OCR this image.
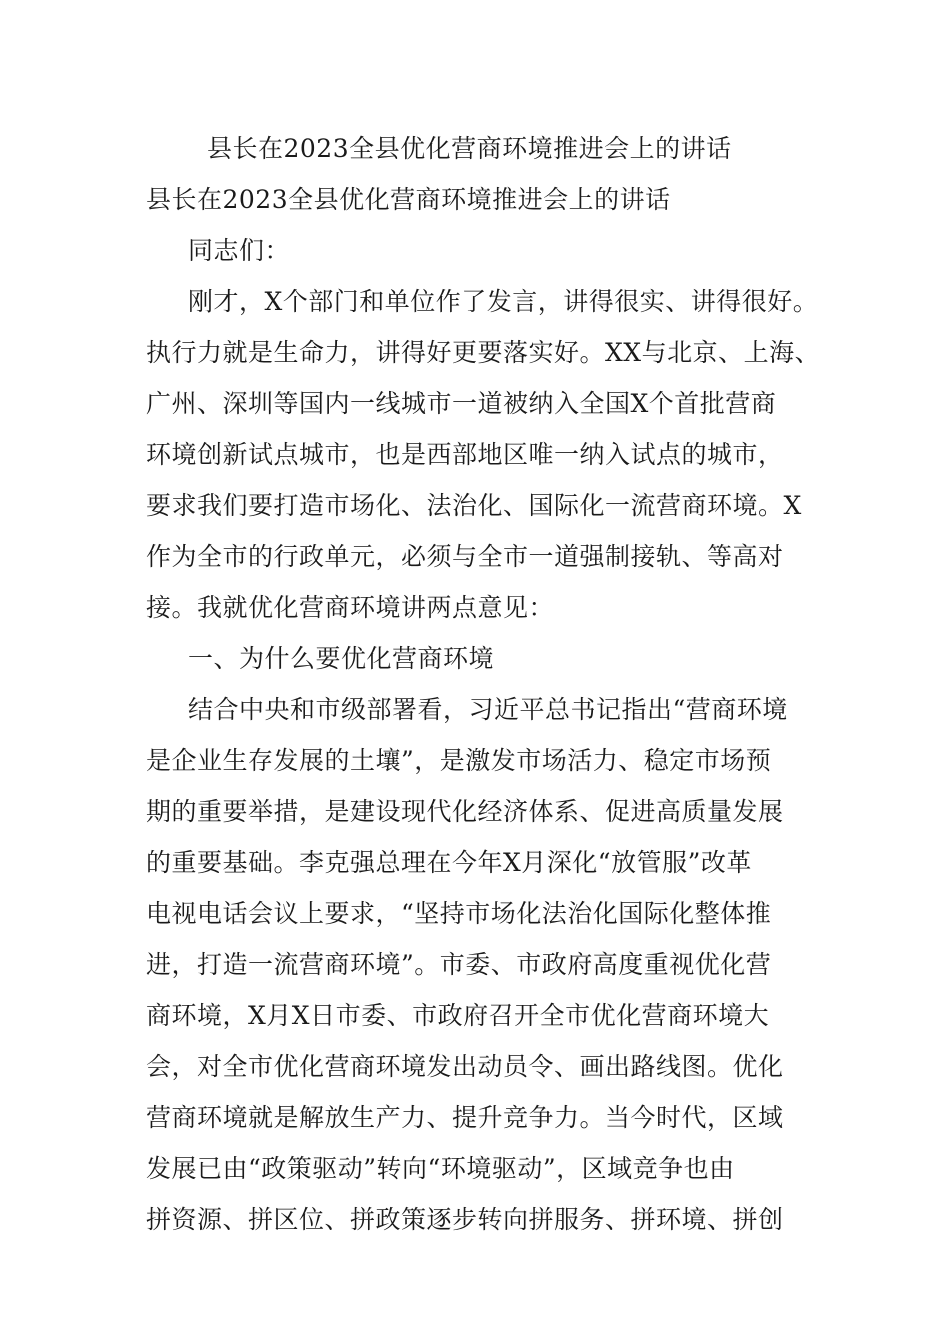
县长在2023全县优化营商环境推进会上的讲话
县长在2023全县优化营商环境推进会上的讲话
同志们：
刚才，X个部门和单位作了发言，讲得很实、讲得很好。
执行力就是生命力，讲得好更要落实好。XX与北京、上海、
广州、深圳等国内一线城市一道被纳入全国X个首批营商
环境创新试点城市，也是西部地区唯一纳入试点的城市，
要求我们要打造市场化、法治化、国际化一流营商环境。X
作为全市的行政单元，必须与全市一道强制接轨、等高对
接。我就优化营商环境讲两点意见：
一、为什么要优化营商环境
结合中央和市级部署看，习近平总书记指出“营商环境
是企业生存发展的土壤”，是激发市场活力、稳定市场预
期的重要举措，是建设现代化经济体系、促进高质量发展
的重要基础。李克强总理在今年X月深化“放管服”改革
电视电话会议上要求，“坚持市场化法治化国际化整体推
进，打造一流营商环境”。市委、市政府高度重视优化营
商环境，X月X日市委、市政府召开全市优化营商环境大
会，对全市优化营商环境发出动员令、画出路线图。优化
营商环境就是解放生产力、提升竞争力。当今时代，区域
发展已由“政策驱动”转向“环境驱动”，区域竞争也由
拼资源、拼区位、拼政策逐步转向拼服务、拼环境、拼创
